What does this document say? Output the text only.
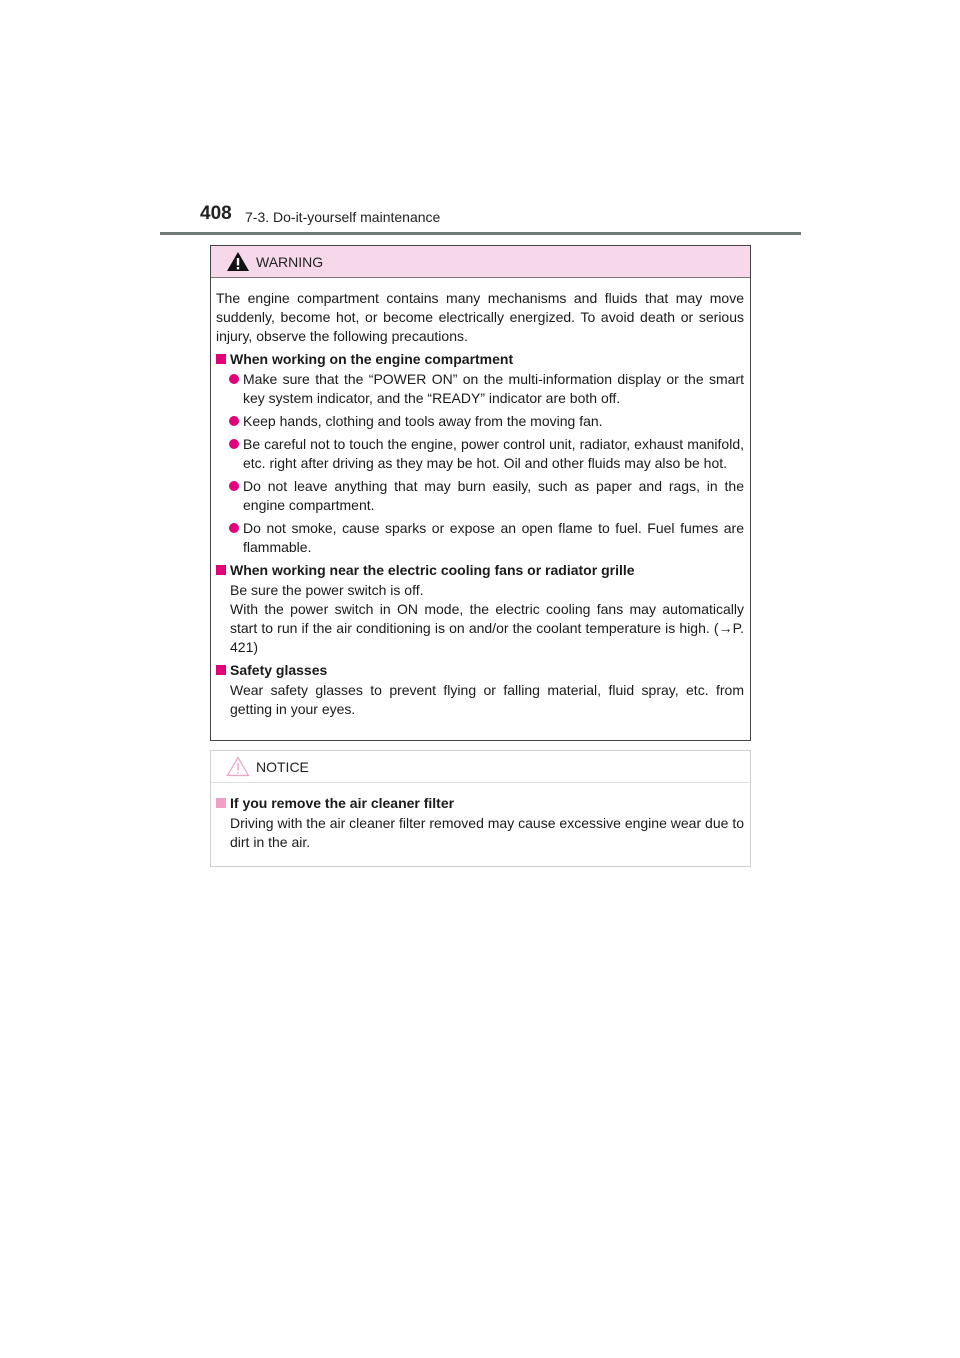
408 7-3. Do-it-yourself maintenance
WARNING

The engine compartment contains many mechanisms and fluids that may move suddenly, become hot, or become electrically energized. To avoid death or serious injury, observe the following precautions.

When working on the engine compartment
Make sure that the “POWER ON” on the multi-information display or the smart key system indicator, and the “READY” indicator are both off.
Keep hands, clothing and tools away from the moving fan.
Be careful not to touch the engine, power control unit, radiator, exhaust manifold, etc. right after driving as they may be hot. Oil and other fluids may also be hot.
Do not leave anything that may burn easily, such as paper and rags, in the engine compartment.
Do not smoke, cause sparks or expose an open flame to fuel. Fuel fumes are flammable.
When working near the electric cooling fans or radiator grille
Be sure the power switch is off.
With the power switch in ON mode, the electric cooling fans may automatically start to run if the air conditioning is on and/or the coolant temperature is high. (→P. 421)
Safety glasses
Wear safety glasses to prevent flying or falling material, fluid spray, etc. from getting in your eyes.
NOTICE
If you remove the air cleaner filter
Driving with the air cleaner filter removed may cause excessive engine wear due to dirt in the air.
